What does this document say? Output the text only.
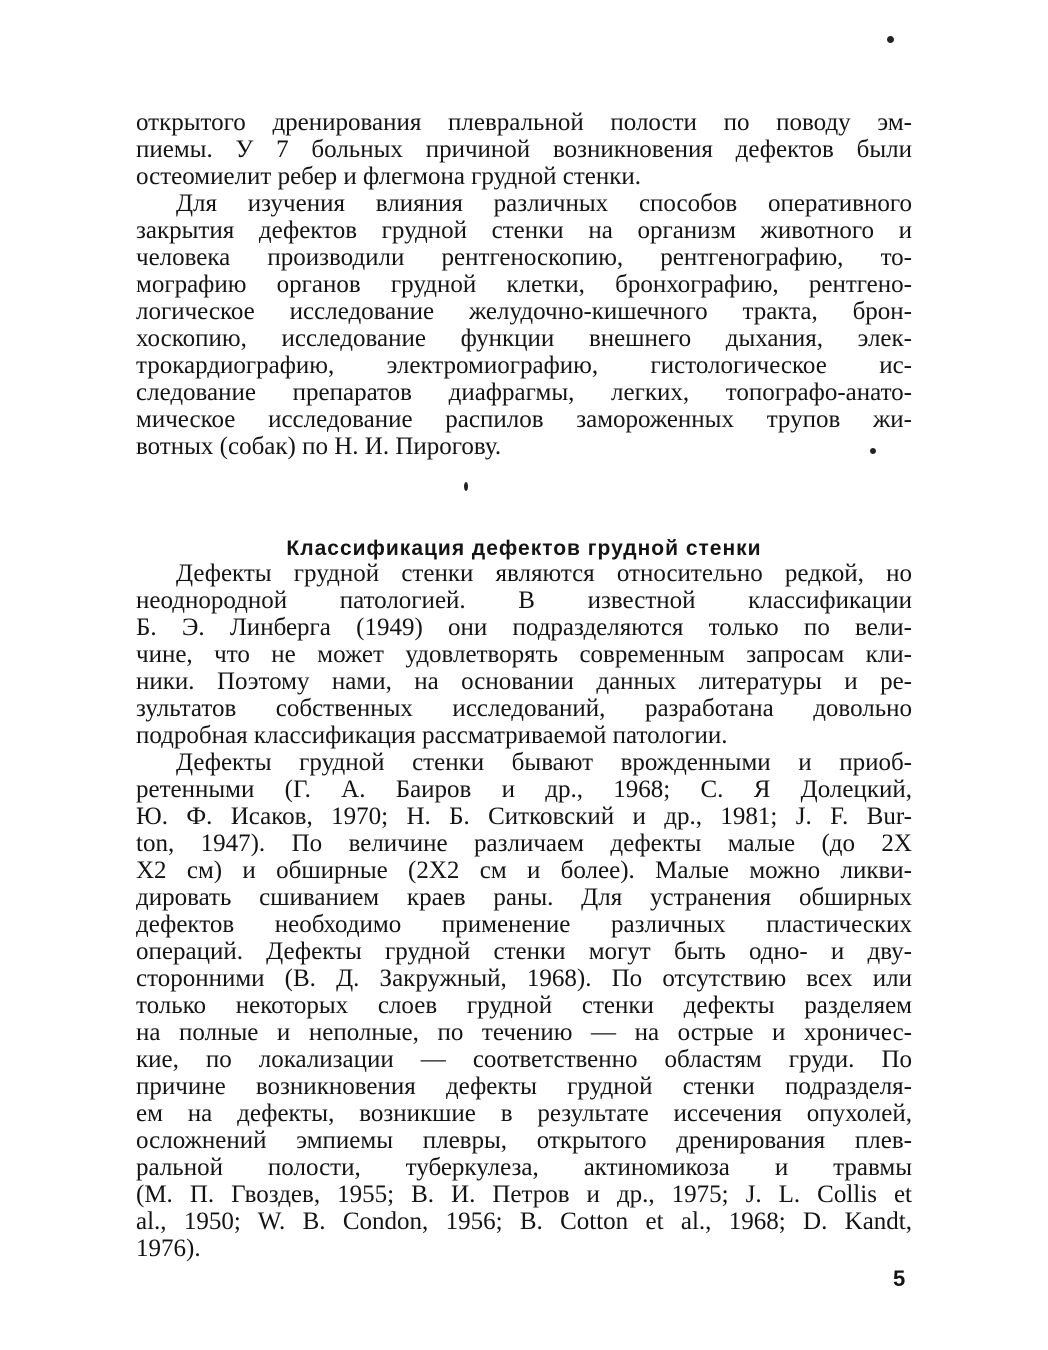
открытого дренирования плевральной полости по поводу эм-
пиемы. У 7 больных причиной возникновения дефектов были
остеомиелит ребер и флегмона грудной стенки.
Для изучения влияния различных способов оперативного
закрытия дефектов грудной стенки на организм животного и
человека производили рентгеноскопию, рентгенографию, то-
мографию органов грудной клетки, бронхографию, рентгено-
логическое исследование желудочно-кишечного тракта, брон-
хоскопию, исследование функции внешнего дыхания, элек-
трокардиографию, электромиографию, гистологическое ис-
следование препаратов диафрагмы, легких, топографо-анато-
мическое исследование распилов замороженных трупов жи-
вотных (собак) по Н. И. Пирогову.
Классификация дефектов грудной стенки
Дефекты грудной стенки являются относительно редкой, но
неоднородной патологией. В известной классификации
Б. Э. Линберга (1949) они подразделяются только по вели-
чине, что не может удовлетворять современным запросам кли-
ники. Поэтому нами, на основании данных литературы и ре-
зультатов собственных исследований, разработана довольно
подробная классификация рассматриваемой патологии.
Дефекты грудной стенки бывают врожденными и приоб-
ретенными (Г. А. Баиров и др., 1968; С. Я Долецкий,
Ю. Ф. Исаков, 1970; Н. Б. Ситковский и др., 1981; J. F. Bur-
ton, 1947). По величине различаем дефекты малые (до 2X
X2 см) и обширные (2X2 см и более). Малые можно ликви-
дировать сшиванием краев раны. Для устранения обширных
дефектов необходимо применение различных пластических
операций. Дефекты грудной стенки могут быть одно- и дву-
сторонними (В. Д. Закружный, 1968). По отсутствию всех или
только некоторых слоев грудной стенки дефекты разделяем
на полные и неполные, по течению — на острые и хроничес-
кие, по локализации — соответственно областям груди. По
причине возникновения дефекты грудной стенки подразделя-
ем на дефекты, возникшие в результате иссечения опухолей,
осложнений эмпиемы плевры, открытого дренирования плев-
ральной полости, туберкулеза, актиномикоза и травмы
(М. П. Гвоздев, 1955; В. И. Петров и др., 1975; J. L. Collis et
al., 1950; W. B. Condon, 1956; B. Cotton et al., 1968; D. Kandt,
1976).
5
